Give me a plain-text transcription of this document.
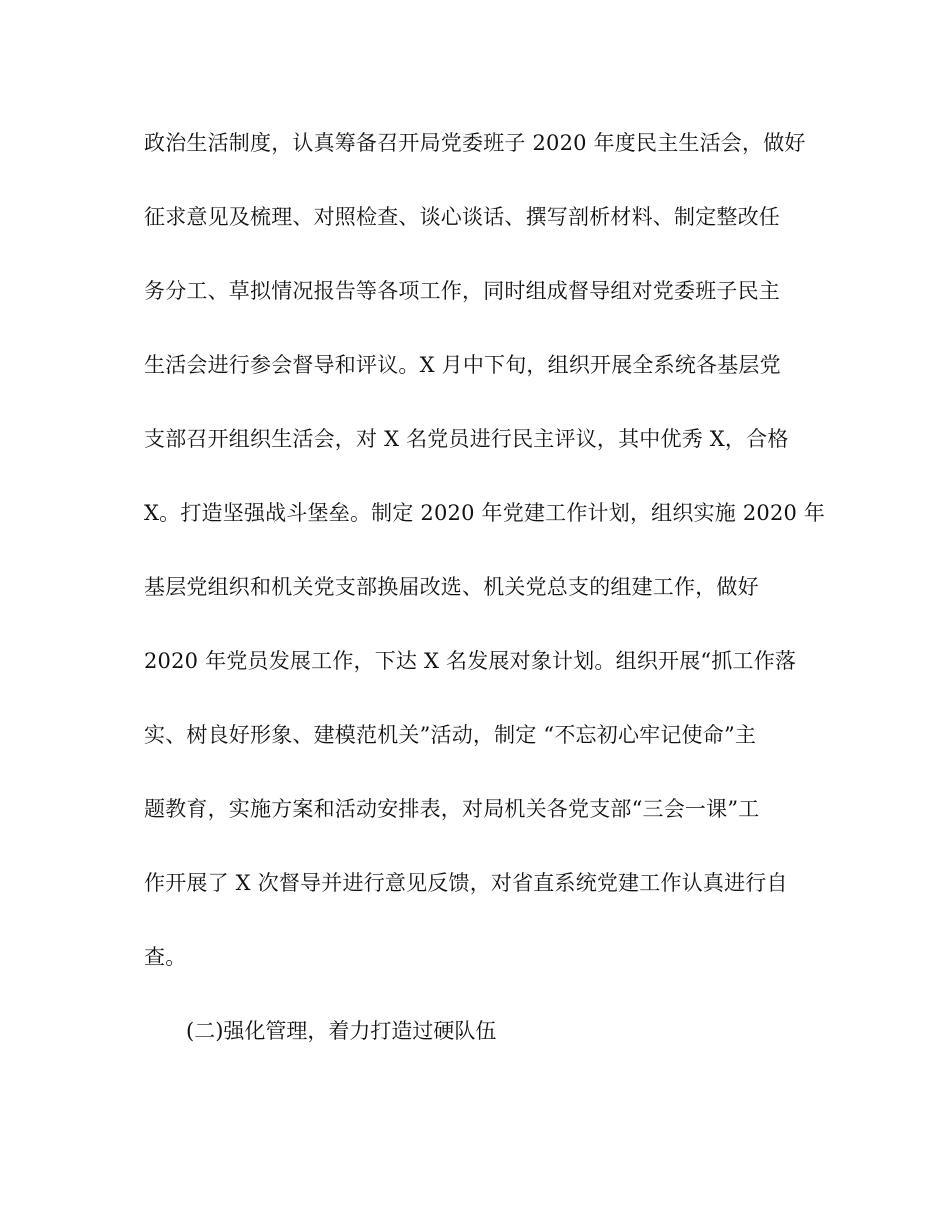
政治生活制度，认真筹备召开局党委班子 2020 年度民主生活会，做好
征求意见及梳理、对照检查、谈心谈话、撰写剖析材料、制定整改任
务分工、草拟情况报告等各项工作，同时组成督导组对党委班子民主
生活会进行参会督导和评议。X 月中下旬，组织开展全系统各基层党
支部召开组织生活会，对 X 名党员进行民主评议，其中优秀 X，合格
X。打造坚强战斗堡垒。制定 2020 年党建工作计划，组织实施 2020 年
基层党组织和机关党支部换届改选、机关党总支的组建工作，做好
2020 年党员发展工作，下达 X 名发展对象计划。组织开展“抓工作落
实、树良好形象、建模范机关”活动，制定 “不忘初心牢记使命”主
题教育，实施方案和活动安排表，对局机关各党支部“三会一课”工
作开展了 X 次督导并进行意见反馈，对省直系统党建工作认真进行自
查。
(二)强化管理，着力打造过硬队伍
